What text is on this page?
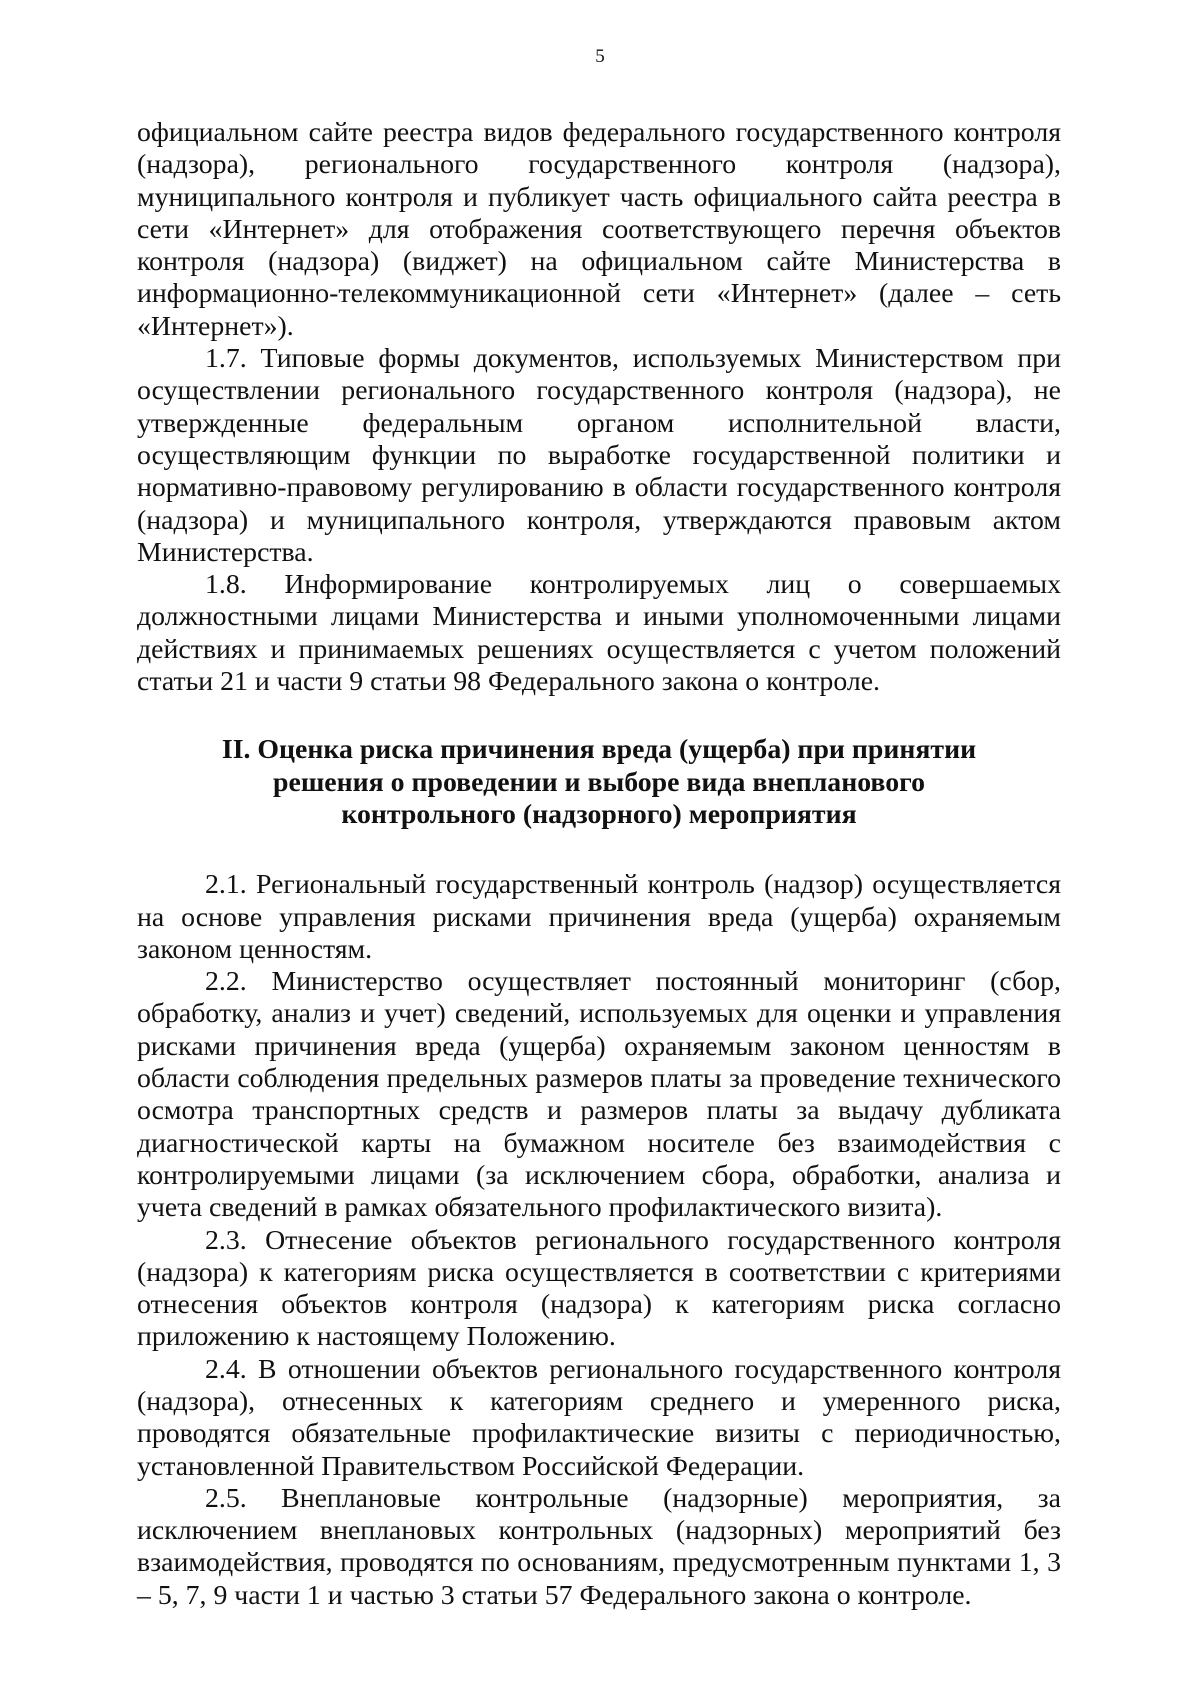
5

официальном сайте реестра видов федерального государственного контроля (надзора), регионального государственного контроля (надзора), муниципального контроля и публикует часть официального сайта реестра в сети «Интернет» для отображения соответствующего перечня объектов контроля (надзора) (виджет) на официальном сайте Министерства в информационно-телекоммуникационной сети «Интернет» (далее – сеть «Интернет»).

1.7. Типовые формы документов, используемых Министерством при осуществлении регионального государственного контроля (надзора), не утвержденные федеральным органом исполнительной власти, осуществляющим функции по выработке государственной политики и нормативно-правовому регулированию в области государственного контроля (надзора) и муниципального контроля, утверждаются правовым актом Министерства.

1.8. Информирование контролируемых лиц о совершаемых должностными лицами Министерства и иными уполномоченными лицами действиях и принимаемых решениях осуществляется с учетом положений статьи 21 и части 9 статьи 98 Федерального закона о контроле.

II. Оценка риска причинения вреда (ущерба) при принятии
решения о проведении и выборе вида внепланового
контрольного (надзорного) мероприятия

2.1. Региональный государственный контроль (надзор) осуществляется на основе управления рисками причинения вреда (ущерба) охраняемым законом ценностям.

2.2. Министерство осуществляет постоянный мониторинг (сбор, обработку, анализ и учет) сведений, используемых для оценки и управления рисками причинения вреда (ущерба) охраняемым законом ценностям в области соблюдения предельных размеров платы за проведение технического осмотра транспортных средств и размеров платы за выдачу дубликата диагностической карты на бумажном носителе без взаимодействия с контролируемыми лицами (за исключением сбора, обработки, анализа и учета сведений в рамках обязательного профилактического визита).

2.3. Отнесение объектов регионального государственного контроля (надзора) к категориям риска осуществляется в соответствии с критериями отнесения объектов контроля (надзора) к категориям риска согласно приложению к настоящему Положению.

2.4. В отношении объектов регионального государственного контроля (надзора), отнесенных к категориям среднего и умеренного риска, проводятся обязательные профилактические визиты с периодичностью, установленной Правительством Российской Федерации.

2.5. Внеплановые контрольные (надзорные) мероприятия, за исключением внеплановых контрольных (надзорных) мероприятий без взаимодействия, проводятся по основаниям, предусмотренным пунктами 1, 3 – 5, 7, 9 части 1 и частью 3 статьи 57 Федерального закона о контроле.
